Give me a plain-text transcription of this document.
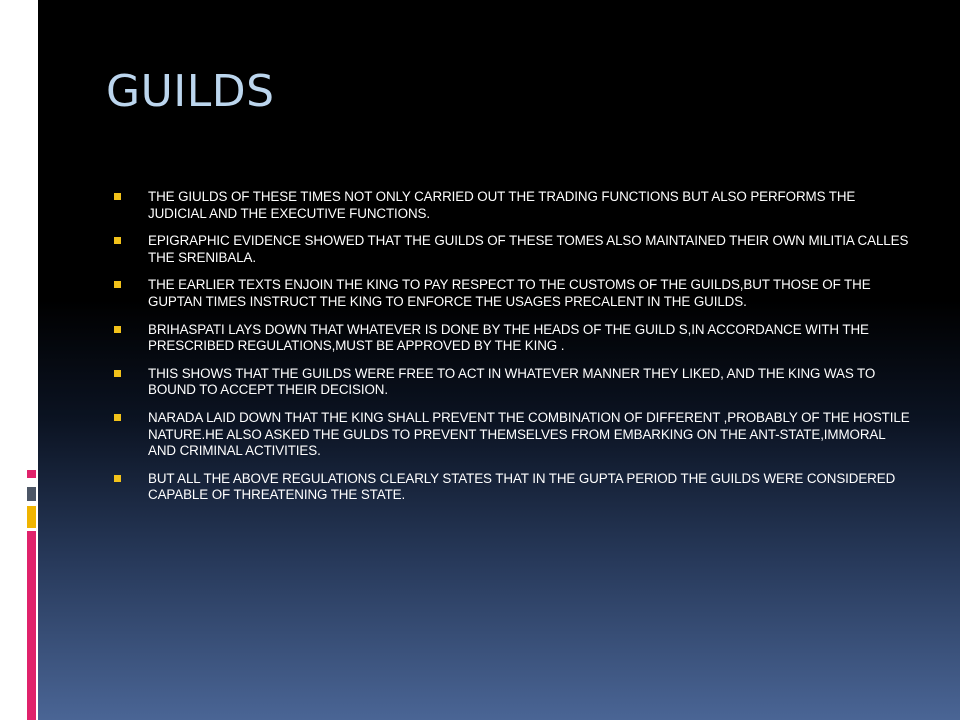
GUILDS
THE GIULDS OF THESE TIMES NOT ONLY CARRIED OUT THE TRADING FUNCTIONS BUT ALSO PERFORMS THE JUDICIAL AND THE EXECUTIVE FUNCTIONS.
EPIGRAPHIC EVIDENCE SHOWED THAT THE GUILDS OF THESE TOMES ALSO MAINTAINED THEIR OWN MILITIA CALLES THE SRENIBALA.
THE EARLIER TEXTS ENJOIN THE KING TO PAY RESPECT TO THE CUSTOMS OF THE GUILDS,BUT THOSE OF THE GUPTAN TIMES INSTRUCT THE KING TO ENFORCE THE USAGES PRECALENT IN THE GUILDS.
BRIHASPATI LAYS DOWN THAT WHATEVER IS DONE BY THE HEADS OF THE GUILD S,IN ACCORDANCE WITH THE PRESCRIBED REGULATIONS,MUST BE APPROVED BY THE KING .
THIS SHOWS THAT THE GUILDS WERE FREE TO ACT IN WHATEVER MANNER THEY LIKED, AND THE KING WAS TO BOUND TO ACCEPT THEIR DECISION.
NARADA LAID DOWN THAT THE KING SHALL PREVENT THE COMBINATION OF DIFFERENT ,PROBABLY OF THE HOSTILE NATURE.HE ALSO ASKED THE GULDS TO PREVENT THEMSELVES FROM EMBARKING ON THE ANT-STATE,IMMORAL AND CRIMINAL ACTIVITIES.
BUT ALL THE ABOVE REGULATIONS CLEARLY STATES THAT IN THE GUPTA PERIOD THE GUILDS WERE CONSIDERED CAPABLE OF THREATENING THE STATE.
